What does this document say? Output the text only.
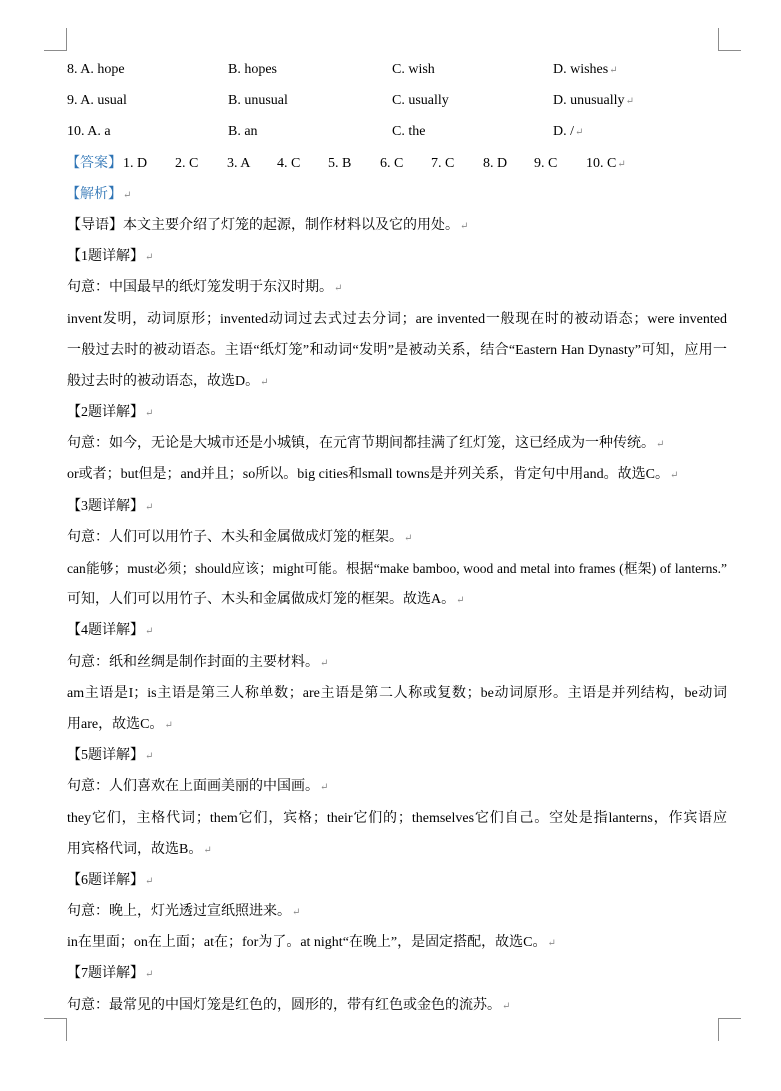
8. A. hope	B. hopes	C. wish	D. wishes↵
9. A. usual	B. unusual	C. usually	D. unusually↵
10. A. a	B. an	C. the	D. /↵
【答案】 1. D 2. C 3. A 4. C 5. B 6. C 7. C 8. D 9. C 10. C↵
【解析】↵
【导语】本文主要介绍了灯笼的起源，制作材料以及它的用处。↵
【1题详解】↵
句意：中国最早的纸灯笼发明于东汉时期。↵
invent发明，动词原形；invented动词过去式过去分词；are invented一般现在时的被动语态；were invented
一般过去时的被动语态。主语“纸灯笼”和动词“发明”是被动关系，结合“Eastern Han Dynasty”可知，应用一
般过去时的被动语态，故选D。↵
【2题详解】↵
句意：如今，无论是大城市还是小城镇，在元宵节期间都挂满了红灯笼，这已经成为一种传统。↵
or或者；but但是；and并且；so所以。big cities和small towns是并列关系，肯定句中用and。故选C。↵
【3题详解】↵
句意：人们可以用竹子、木头和金属做成灯笼的框架。↵
can能够；must必须；should应该；might可能。根据“make bamboo, wood and metal into frames (框架) of lanterns.”
可知，人们可以用竹子、木头和金属做成灯笼的框架。故选A。↵
【4题详解】↵
句意：纸和丝绸是制作封面的主要材料。↵
am主语是I；is主语是第三人称单数；are主语是第二人称或复数；be动词原形。主语是并列结构，be动词
用are，故选C。↵
【5题详解】↵
句意：人们喜欢在上面画美丽的中国画。↵
they它们，主格代词；them它们，宾格；their它们的；themselves它们自己。空处是指lanterns，作宾语应
用宾格代词，故选B。↵
【6题详解】↵
句意：晚上，灯光透过宣纸照进来。↵
in在里面；on在上面；at在；for为了。at night“在晚上”，是固定搭配，故选C。↵
【7题详解】↵
句意：最常见的中国灯笼是红色的，圆形的，带有红色或金色的流苏。↵
